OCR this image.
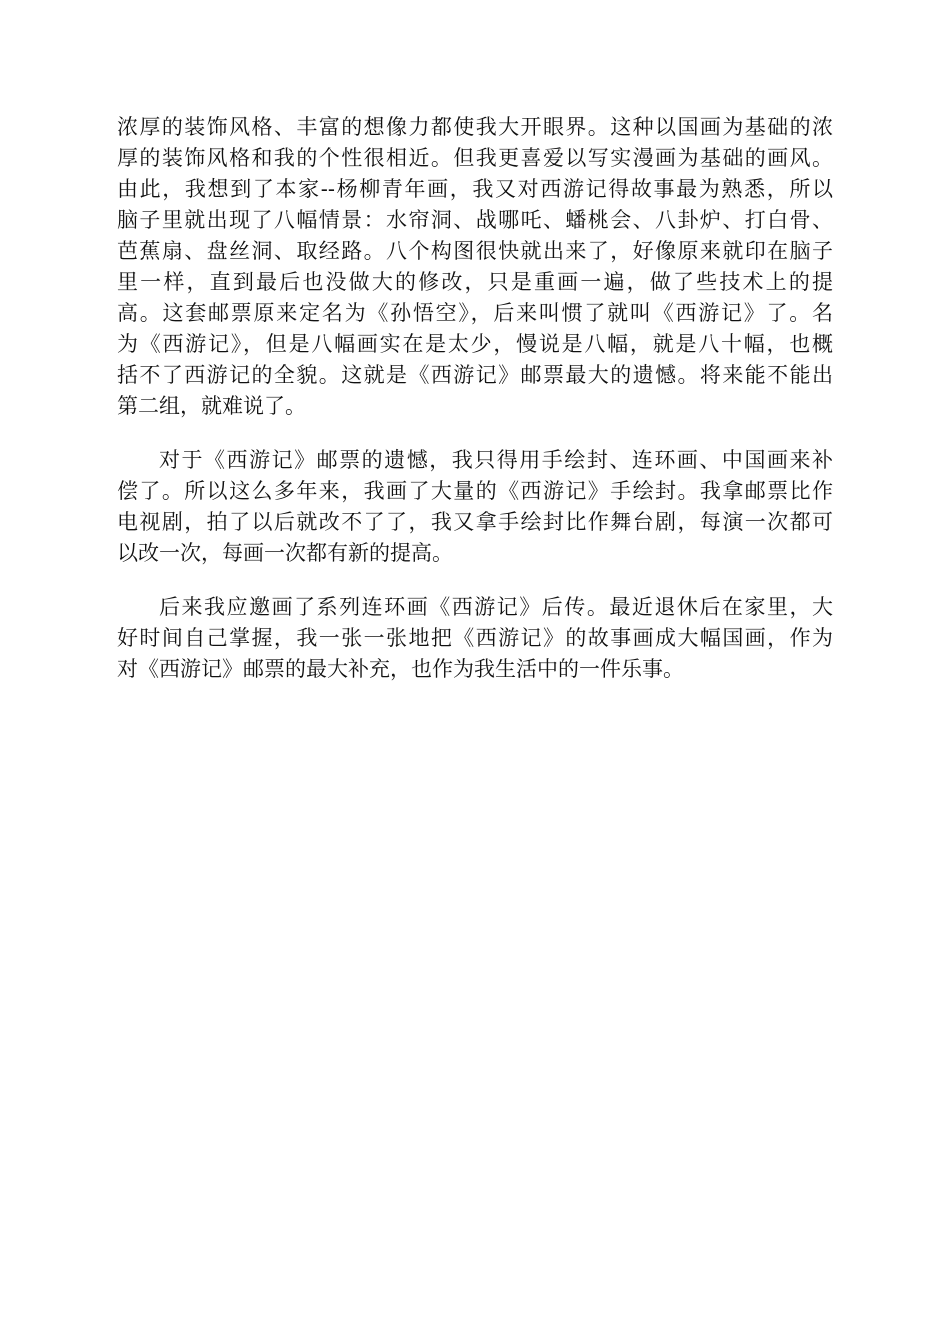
浓厚的装饰风格、丰富的想像力都使我大开眼界。这种以国画为基础的浓
厚的装饰风格和我的个性很相近。但我更喜爱以写实漫画为基础的画风。
由此，我想到了本家--杨柳青年画，我又对西游记得故事最为熟悉，所以
脑子里就出现了八幅情景：水帘洞、战哪吒、蟠桃会、八卦炉、打白骨、
芭蕉扇、盘丝洞、取经路。八个构图很快就出来了，好像原来就印在脑子
里一样，直到最后也没做大的修改，只是重画一遍，做了些技术上的提
高。这套邮票原来定名为《孙悟空》，后来叫惯了就叫《西游记》了。名
为《西游记》，但是八幅画实在是太少，慢说是八幅，就是八十幅，也概
括不了西游记的全貌。这就是《西游记》邮票最大的遗憾。将来能不能出
第二组，就难说了。
对于《西游记》邮票的遗憾，我只得用手绘封、连环画、中国画来补
偿了。所以这么多年来，我画了大量的《西游记》手绘封。我拿邮票比作
电视剧，拍了以后就改不了了，我又拿手绘封比作舞台剧，每演一次都可
以改一次，每画一次都有新的提高。
后来我应邀画了系列连环画《西游记》后传。最近退休后在家里，大
好时间自己掌握，我一张一张地把《西游记》的故事画成大幅国画，作为
对《西游记》邮票的最大补充，也作为我生活中的一件乐事。
